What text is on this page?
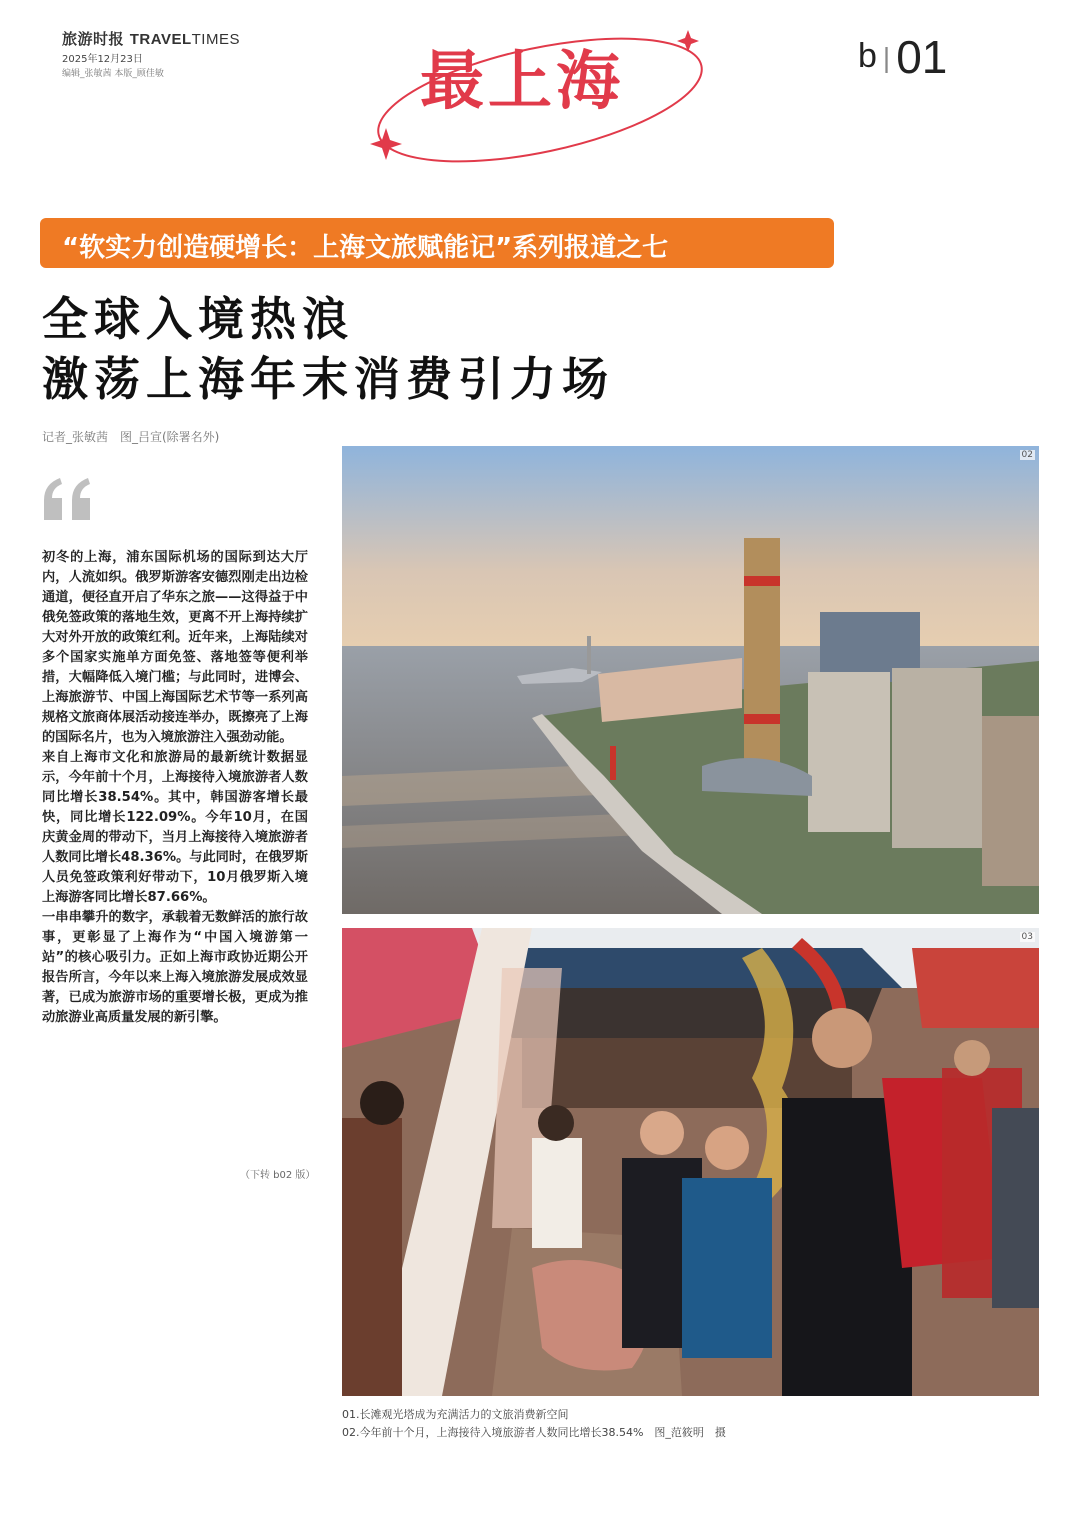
旅游时报 TRAVELTIMES
2025年12月23日
编辑_张敏茜 本版_顾佳敏	最上海	b | 01
“软实力创造硬增长：上海文旅赋能记”系列报道之七
全球入境热浪
激荡上海年末消费引力场
记者_张敏茜　图_吕宣(除署名外)

初冬的上海，浦东国际机场的国际到达大厅内，人流如织。俄罗斯游客安德烈刚走出边检通道，便径直开启了华东之旅——这得益于中俄免签政策的落地生效，更离不开上海持续扩大对外开放的政策红利。近年来，上海陆续对多个国家实施单方面免签、落地签等便利举措，大幅降低入境门槛；与此同时，进博会、上海旅游节、中国上海国际艺术节等一系列高规格文旅商体展活动接连举办，既擦亮了上海的国际名片，也为入境旅游注入强劲动能。

来自上海市文化和旅游局的最新统计数据显示，今年前十个月，上海接待入境旅游者人数同比增长38.54%。其中，韩国游客增长最快，同比增长122.09%。今年10月，在国庆黄金周的带动下，当月上海接待入境旅游者人数同比增长48.36%。与此同时，在俄罗斯人员免签政策利好带动下，10月俄罗斯入境上海游客同比增长87.66%。

一串串攀升的数字，承载着无数鲜活的旅行故事，更彰显了上海作为“中国入境游第一站”的核心吸引力。正如上海市政协近期公开报告所言，今年以来上海入境旅游发展成效显著，已成为旅游市场的重要增长极，更成为推动旅游业高质量发展的新引擎。

（下转 b02 版）
02
03
01.长滩观光塔成为充满活力的文旅消费新空间
02.今年前十个月，上海接待入境旅游者人数同比增长38.54%　图_范筱明　摄
